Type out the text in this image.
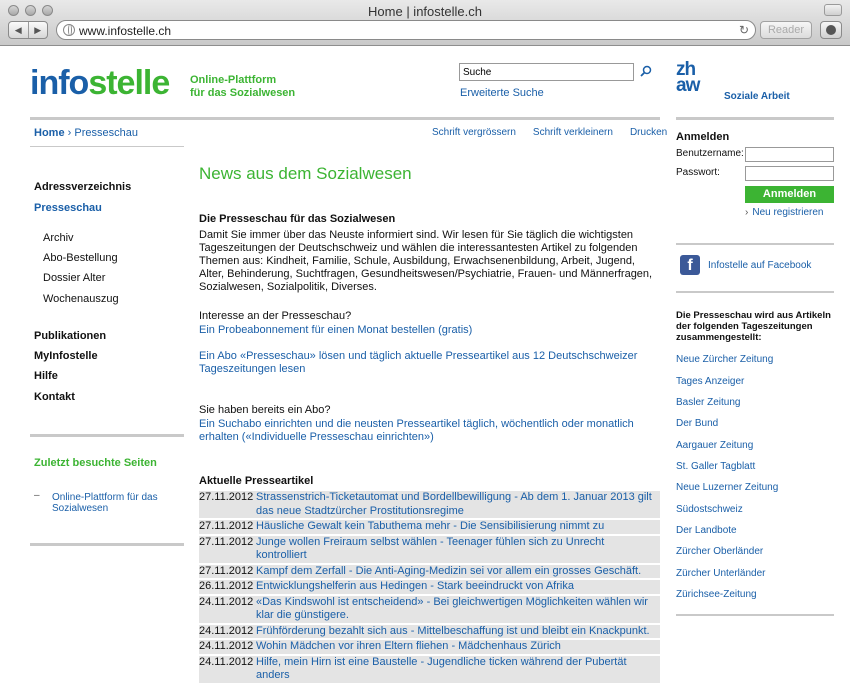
Home | infostelle.ch
◀	▶	www.infostelle.ch	↻	Reader
infostelle Online-Plattform
für das Sozialwesen
Suche	Erweiterte Suche
zh
aw
Soziale Arbeit
Home › Presseschau	Schrift vergrössern Schrift verkleinern Drucken
Adressverzeichnis
Presseschau
Archiv
Abo-Bestellung
Dossier Alter
Wochenauszug
Publikationen
MyInfostelle
Hilfe
Kontakt
Zuletzt besuchte Seiten
–	Online-Plattform für das Sozialwesen
News aus dem Sozialwesen
Die Presseschau für das Sozialwesen
Damit Sie immer über das Neuste informiert sind. Wir lesen für Sie täglich die wichtigsten Tageszeitungen der Deutschschweiz und wählen die interessantesten Artikel zu folgenden Themen aus: Kindheit, Familie, Schule, Ausbildung, Erwachsenenbildung, Arbeit, Jugend, Alter, Behinderung, Suchtfragen, Gesundheitswesen/Psychiatrie, Frauen- und Männerfragen, Sozialwesen, Sozialpolitik, Diverses.
Interesse an der Presseschau?
Ein Probeabonnement für einen Monat bestellen (gratis)
Ein Abo «Presseschau» lösen und täglich aktuelle Presseartikel aus 12 Deutschschweizer Tageszeitungen lesen
Sie haben bereits ein Abo?
Ein Suchabo einrichten und die neusten Presseartikel täglich, wöchentlich oder monatlich erhalten («Individuelle Presseschau einrichten»)
Aktuelle Presseartikel
27.11.2012 Strassenstrich-Ticketautomat und Bordellbewilligung - Ab dem 1. Januar 2013 gilt das neue Stadtzürcher Prostitutionsregime
27.11.2012 Häusliche Gewalt kein Tabuthema mehr - Die Sensibilisierung nimmt zu
27.11.2012 Junge wollen Freiraum selbst wählen - Teenager fühlen sich zu Unrecht kontrolliert
27.11.2012 Kampf dem Zerfall - Die Anti-Aging-Medizin sei vor allem ein grosses Geschäft.
26.11.2012 Entwicklungshelferin aus Hedingen - Stark beeindruckt von Afrika
24.11.2012 «Das Kindswohl ist entscheidend» - Bei gleichwertigen Möglichkeiten wählen wir klar die günstigere.
24.11.2012 Frühförderung bezahlt sich aus - Mittelbeschaffung ist und bleibt ein Knackpunkt.
24.11.2012 Wohin Mädchen vor ihren Eltern fliehen - Mädchenhaus Zürich
24.11.2012 Hilfe, mein Hirn ist eine Baustelle - Jugendliche ticken während der Pubertät anders
Anmelden
Benutzername:
Passwort:
Anmelden
› Neu registrieren
f	Infostelle auf Facebook
Die Presseschau wird aus Artikeln der folgenden Tageszeitungen zusammengestellt:
Neue Zürcher Zeitung
Tages Anzeiger
Basler Zeitung
Der Bund
Aargauer Zeitung
St. Galler Tagblatt
Neue Luzerner Zeitung
Südostschweiz
Der Landbote
Zürcher Oberländer
Zürcher Unterländer
Zürichsee-Zeitung
